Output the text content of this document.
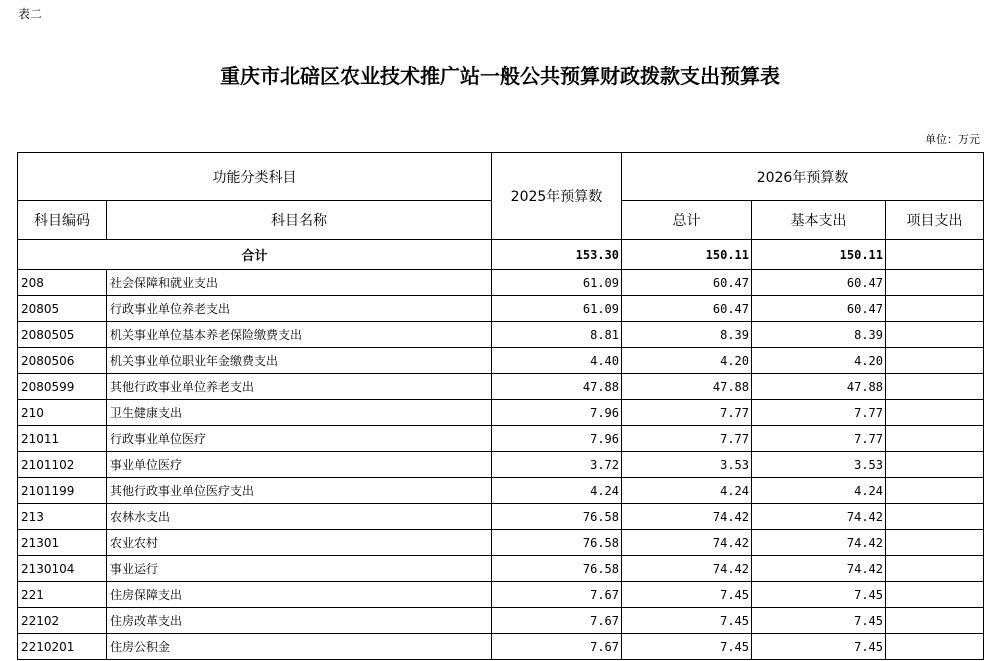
表二
重庆市北碚区农业技术推广站一般公共预算财政拨款支出预算表
单位：万元
功能分类科目		2025年预算数	2026年预算数		
科目编码	科目名称		总计	基本支出	项目支出
合计		153.30	150.11	150.11	
208	社会保障和就业支出	61.09	60.47	60.47	
20805	行政事业单位养老支出	61.09	60.47	60.47	
2080505	机关事业单位基本养老保险缴费支出	8.81	8.39	8.39	
2080506	机关事业单位职业年金缴费支出	4.40	4.20	4.20	
2080599	其他行政事业单位养老支出	47.88	47.88	47.88	
210	卫生健康支出	7.96	7.77	7.77	
21011	行政事业单位医疗	7.96	7.77	7.77	
2101102	事业单位医疗	3.72	3.53	3.53	
2101199	其他行政事业单位医疗支出	4.24	4.24	4.24	
213	农林水支出	76.58	74.42	74.42	
21301	农业农村	76.58	74.42	74.42	
2130104	事业运行	76.58	74.42	74.42	
221	住房保障支出	7.67	7.45	7.45	
22102	住房改革支出	7.67	7.45	7.45	
2210201	住房公积金	7.67	7.45	7.45	
